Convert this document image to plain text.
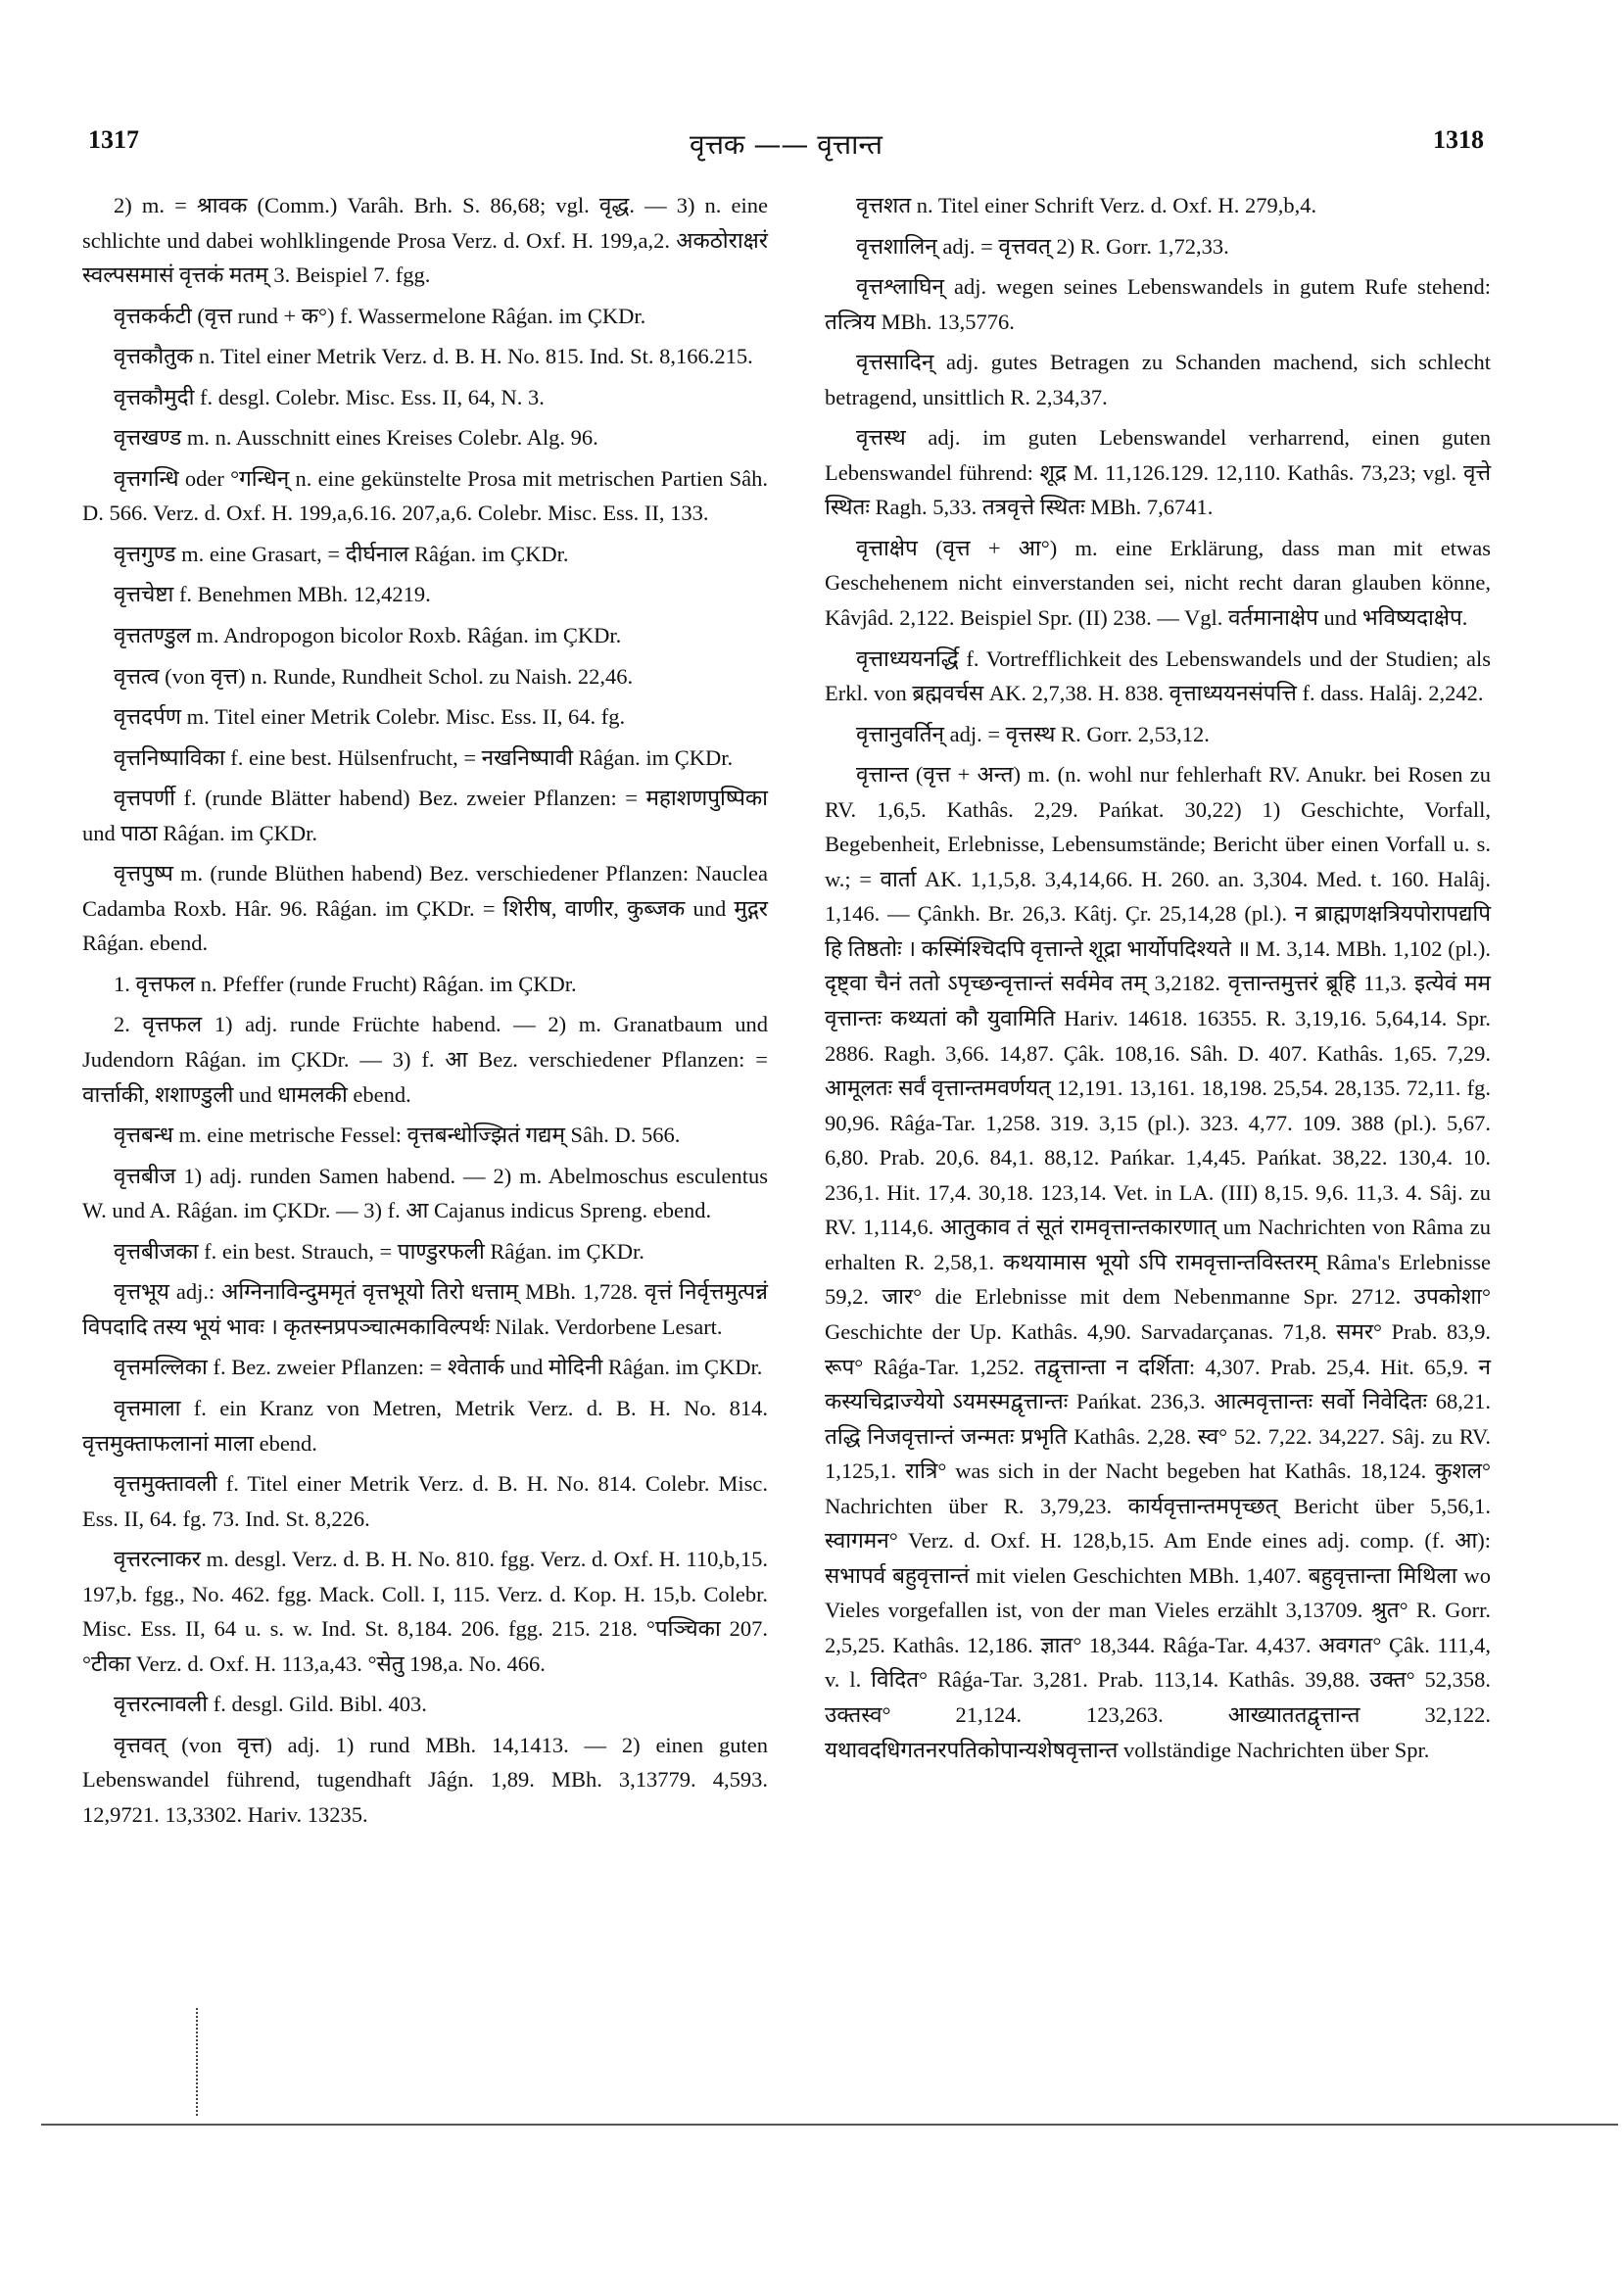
1317	वृत्तक —— वृत्तान्त	1318

2) m. = श्रावक (Comm.) Varâh. Brh. S. 86,68; vgl. वृद्ध. — 3) n. eine schlichte und dabei wohlklingende Prosa Verz. d. Oxf. H. 199,a,2. अकठोराक्षरं स्वल्पसमासं वृत्तकं मतम् 3. Beispiel 7. fgg.

वृत्तकर्कटी (वृत्त rund + क°) f. Wassermelone Râǵan. im ÇKDr.

वृत्तकौतुक n. Titel einer Metrik Verz. d. B. H. No. 815. Ind. St. 8,166.215.

वृत्तकौमुदी f. desgl. Colebr. Misc. Ess. II, 64, N. 3.

वृत्तखण्ड m. n. Ausschnitt eines Kreises Colebr. Alg. 96.

वृत्तगन्धि oder °गन्धिन् n. eine gekünstelte Prosa mit metrischen Partien Sâh. D. 566. Verz. d. Oxf. H. 199,a,6.16. 207,a,6. Colebr. Misc. Ess. II, 133.

वृत्तगुण्ड m. eine Grasart, = दीर्घनाल Râǵan. im ÇKDr.

वृत्तचेष्टा f. Benehmen MBh. 12,4219.

वृत्ततण्डुल m. Andropogon bicolor Roxb. Râǵan. im ÇKDr.

वृत्तत्व (von वृत्त) n. Runde, Rundheit Schol. zu Naish. 22,46.

वृत्तदर्पण m. Titel einer Metrik Colebr. Misc. Ess. II, 64. fg.

वृत्तनिष्पाविका f. eine best. Hülsenfrucht, = नखनिष्पावी Râǵan. im ÇKDr.

वृत्तपर्णी f. (runde Blätter habend) Bez. zweier Pflanzen: = महाशणपुष्पिका und पाठा Râǵan. im ÇKDr.

वृत्तपुष्प m. (runde Blüthen habend) Bez. verschiedener Pflanzen: Nauclea Cadamba Roxb. Hâr. 96. Râǵan. im ÇKDr. = शिरीष, वाणीर, कुब्जक und मुद्गर Râǵan. ebend.

1. वृत्तफल n. Pfeffer (runde Frucht) Râǵan. im ÇKDr.

2. वृत्तफल 1) adj. runde Früchte habend. — 2) m. Granatbaum und Judendorn Râǵan. im ÇKDr. — 3) f. आ Bez. verschiedener Pflanzen: = वार्त्ताकी, शशाण्डुली und धामलकी ebend.

वृत्तबन्ध m. eine metrische Fessel: वृत्तबन्धोज्झितं गद्यम् Sâh. D. 566.

वृत्तबीज 1) adj. runden Samen habend. — 2) m. Abelmoschus esculentus W. und A. Râǵan. im ÇKDr. — 3) f. आ Cajanus indicus Spreng. ebend.

वृत्तबीजका f. ein best. Strauch, = पाण्डुरफली Râǵan. im ÇKDr.

वृत्तभूय adj.: अग्निनाविन्दुममृतं वृत्तभूयो तिरो धत्ताम् MBh. 1,728. वृत्तं निर्वृत्तमुत्पन्नं विपदादि तस्य भूयं भावः । कृतस्नप्रपञ्चात्मकाविल्पर्थः Nilak. Verdorbene Lesart.

वृत्तमल्लिका f. Bez. zweier Pflanzen: = श्वेतार्क und मोदिनी Râǵan. im ÇKDr.

वृत्तमाला f. ein Kranz von Metren, Metrik Verz. d. B. H. No. 814. वृत्तमुक्ताफलानां माला ebend.

वृत्तमुक्तावली f. Titel einer Metrik Verz. d. B. H. No. 814. Colebr. Misc. Ess. II, 64. fg. 73. Ind. St. 8,226.

वृत्तरत्नाकर m. desgl. Verz. d. B. H. No. 810. fgg. Verz. d. Oxf. H. 110,b,15. 197,b. fgg., No. 462. fgg. Mack. Coll. I, 115. Verz. d. Kop. H. 15,b. Colebr. Misc. Ess. II, 64 u. s. w. Ind. St. 8,184. 206. fgg. 215. 218. °पञ्चिका 207. °टीका Verz. d. Oxf. H. 113,a,43. °सेतु 198,a. No. 466.

वृत्तरत्नावली f. desgl. Gild. Bibl. 403.

वृत्तवत् (von वृत्त) adj. 1) rund MBh. 14,1413. — 2) einen guten Lebenswandel führend, tugendhaft Jâǵn. 1,89. MBh. 3,13779. 4,593. 12,9721. 13,3302. Hariv. 13235.

वृत्तशत n. Titel einer Schrift Verz. d. Oxf. H. 279,b,4.

वृत्तशालिन् adj. = वृत्तवत् 2) R. Gorr. 1,72,33.

वृत्तश्लाघिन् adj. wegen seines Lebenswandels in gutem Rufe stehend: तत्त्रिय MBh. 13,5776.

वृत्तसादिन् adj. gutes Betragen zu Schanden machend, sich schlecht betragend, unsittlich R. 2,34,37.

वृत्तस्थ adj. im guten Lebenswandel verharrend, einen guten Lebenswandel führend: शूद्र M. 11,126.129. 12,110. Kathâs. 73,23; vgl. वृत्ते स्थितः Ragh. 5,33. तत्रवृत्ते स्थितः MBh. 7,6741.

वृत्ताक्षेप (वृत्त + आ°) m. eine Erklärung, dass man mit etwas Geschehenem nicht einverstanden sei, nicht recht daran glauben könne, Kâvjâd. 2,122. Beispiel Spr. (II) 238. — Vgl. वर्तमानाक्षेप und भविष्यदाक्षेप.

वृत्ताध्ययनर्द्धि f. Vortrefflichkeit des Lebenswandels und der Studien; als Erkl. von ब्रह्मवर्चस AK. 2,7,38. H. 838. वृत्ताध्ययनसंपत्ति f. dass. Halâj. 2,242.

वृत्तानुवर्तिन् adj. = वृत्तस्थ R. Gorr. 2,53,12.

वृत्तान्त (वृत्त + अन्त) m. (n. wohl nur fehlerhaft RV. Anukr. bei Rosen zu RV. 1,6,5. Kathâs. 2,29. Pańkat. 30,22) 1) Geschichte, Vorfall, Begebenheit, Erlebnisse, Lebensumstände; Bericht über einen Vorfall u. s. w.; = वार्ता AK. 1,1,5,8. 3,4,14,66. H. 260. an. 3,304. Med. t. 160. Halâj. 1,146. — Çânkh. Br. 26,3. Kâtj. Çr. 25,14,28 (pl.). न ब्राह्मणक्षत्रियपोरापद्यपि हि तिष्ठतोः । कस्मिंश्चिदपि वृत्तान्ते शूद्रा भार्योपदिश्यते ॥ M. 3,14. MBh. 1,102 (pl.). दृष्ट्वा चैनं ततो ऽपृच्छन्वृत्तान्तं सर्वमेव तम् 3,2182. वृत्तान्तमुत्तरं ब्रूहि 11,3. इत्येवं मम वृत्तान्तः कथ्यतां कौ युवामिति Hariv. 14618. 16355. R. 3,19,16. 5,64,14. Spr. 2886. Ragh. 3,66. 14,87. Çâk. 108,16. Sâh. D. 407. Kathâs. 1,65. 7,29. आमूलतः सर्वं वृत्तान्तमवर्णयत् 12,191. 13,161. 18,198. 25,54. 28,135. 72,11. fg. 90,96. Râǵa-Tar. 1,258. 319. 3,15 (pl.). 323. 4,77. 109. 388 (pl.). 5,67. 6,80. Prab. 20,6. 84,1. 88,12. Pańkar. 1,4,45. Pańkat. 38,22. 130,4. 10. 236,1. Hit. 17,4. 30,18. 123,14. Vet. in LA. (III) 8,15. 9,6. 11,3. 4. Sâj. zu RV. 1,114,6. आतुकाव तं सूतं रामवृत्तान्तकारणात् um Nachrichten von Râma zu erhalten R. 2,58,1. कथयामास भूयो ऽपि रामवृत्तान्तविस्तरम् Râma's Erlebnisse 59,2. जार° die Erlebnisse mit dem Nebenmanne Spr. 2712. उपकोशा° Geschichte der Up. Kathâs. 4,90. Sarvadarçanas. 71,8. समर° Prab. 83,9. रूप° Râǵa-Tar. 1,252. तद्वृत्तान्ता न दर्शिता: 4,307. Prab. 25,4. Hit. 65,9. न कस्यचिद्राज्येयो ऽयमस्मद्वृत्तान्तः Pańkat. 236,3. आत्मवृत्तान्तः सर्वो निवेदितः 68,21. तद्धि निजवृत्तान्तं जन्मतः प्रभृति Kathâs. 2,28. स्व° 52. 7,22. 34,227. Sâj. zu RV. 1,125,1. रात्रि° was sich in der Nacht begeben hat Kathâs. 18,124. कुशल° Nachrichten über R. 3,79,23. कार्यवृत्तान्तमपृच्छत् Bericht über 5,56,1. स्वागमन° Verz. d. Oxf. H. 128,b,15. Am Ende eines adj. comp. (f. आ): सभापर्व बहुवृत्तान्तं mit vielen Geschichten MBh. 1,407. बहुवृत्तान्ता मिथिला wo Vieles vorgefallen ist, von der man Vieles erzählt 3,13709. श्रुत° R. Gorr. 2,5,25. Kathâs. 12,186. ज्ञात° 18,344. Râǵa-Tar. 4,437. अवगत° Çâk. 111,4, v. l. विदित° Râǵa-Tar. 3,281. Prab. 113,14. Kathâs. 39,88. उक्त° 52,358. उक्तस्व° 21,124. 123,263. आख्याततद्वृत्तान्त 32,122. यथावदधिगतनरपतिकोपान्यशेषवृत्तान्त vollständige Nachrichten über Spr.
